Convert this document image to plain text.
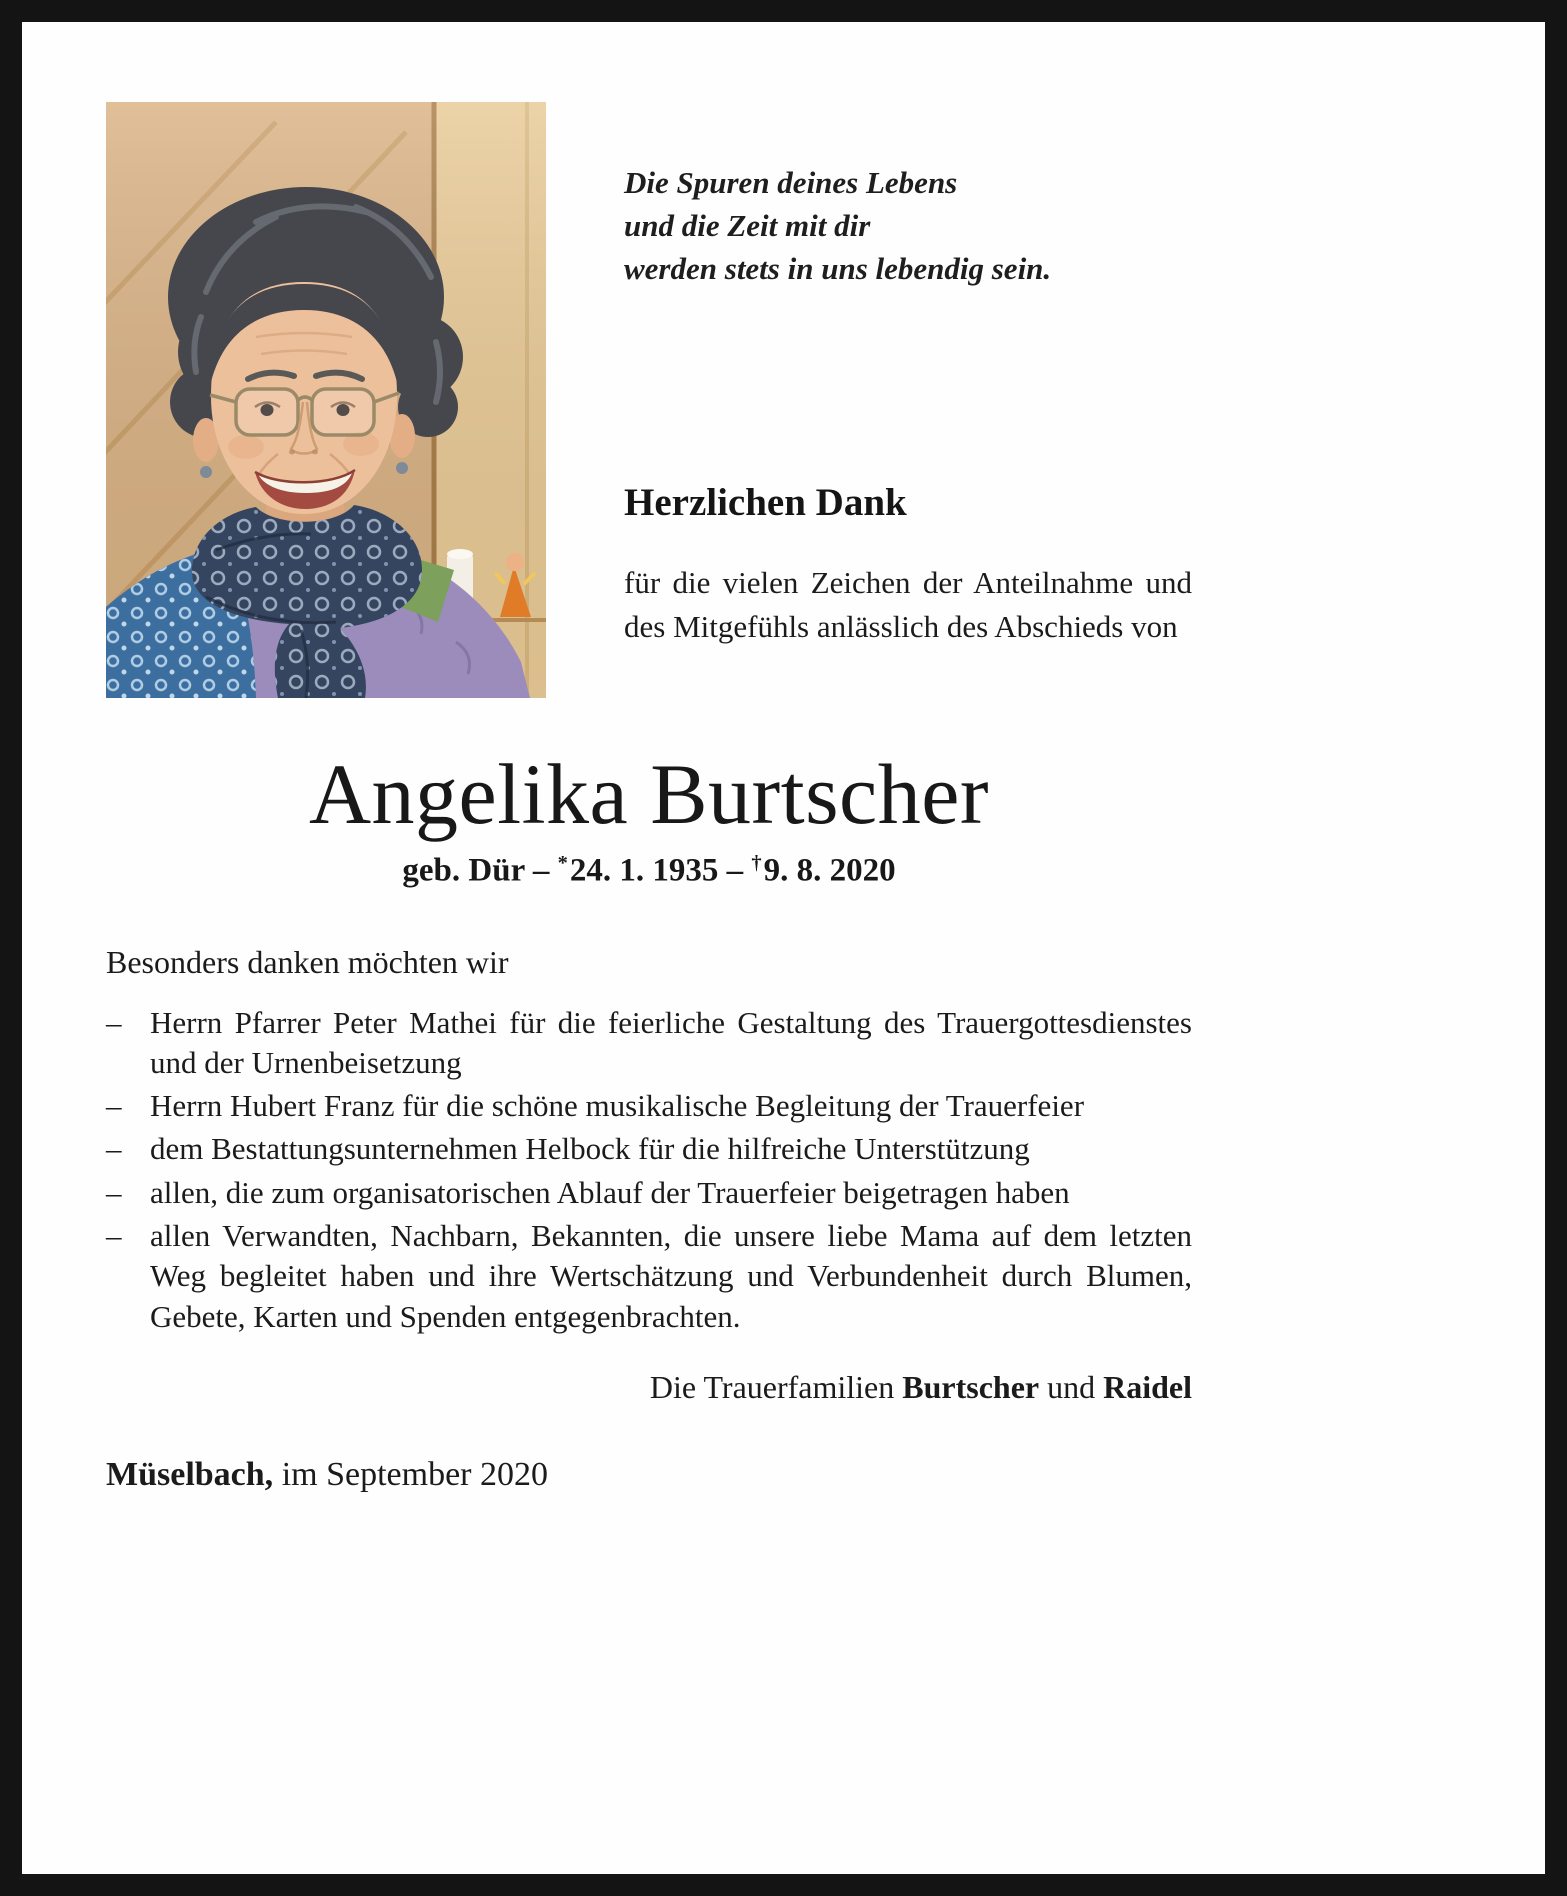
Die Spuren deines Lebens
und die Zeit mit dir
werden stets in uns lebendig sein.
Herzlichen Dank
für die vielen Zeichen der Anteilnahme und des Mitgefühls anlässlich des Abschieds von
Angelika Burtscher
geb. Dür – *24. 1. 1935 – †9. 8. 2020
Besonders danken möchten wir
– Herrn Pfarrer Peter Mathei für die feierliche Gestaltung des Trauergottesdienstes und der Urnenbeisetzung
– Herrn Hubert Franz für die schöne musikalische Begleitung der Trauerfeier
– dem Bestattungsunternehmen Helbock für die hilfreiche Unterstützung
– allen, die zum organisatorischen Ablauf der Trauerfeier beigetragen haben
– allen Verwandten, Nachbarn, Bekannten, die unsere liebe Mama auf dem letzten Weg begleitet haben und ihre Wertschätzung und Verbundenheit durch Blumen, Gebete, Karten und Spenden entgegenbrachten.
Die Trauerfamilien Burtscher und Raidel
Müselbach, im September 2020
